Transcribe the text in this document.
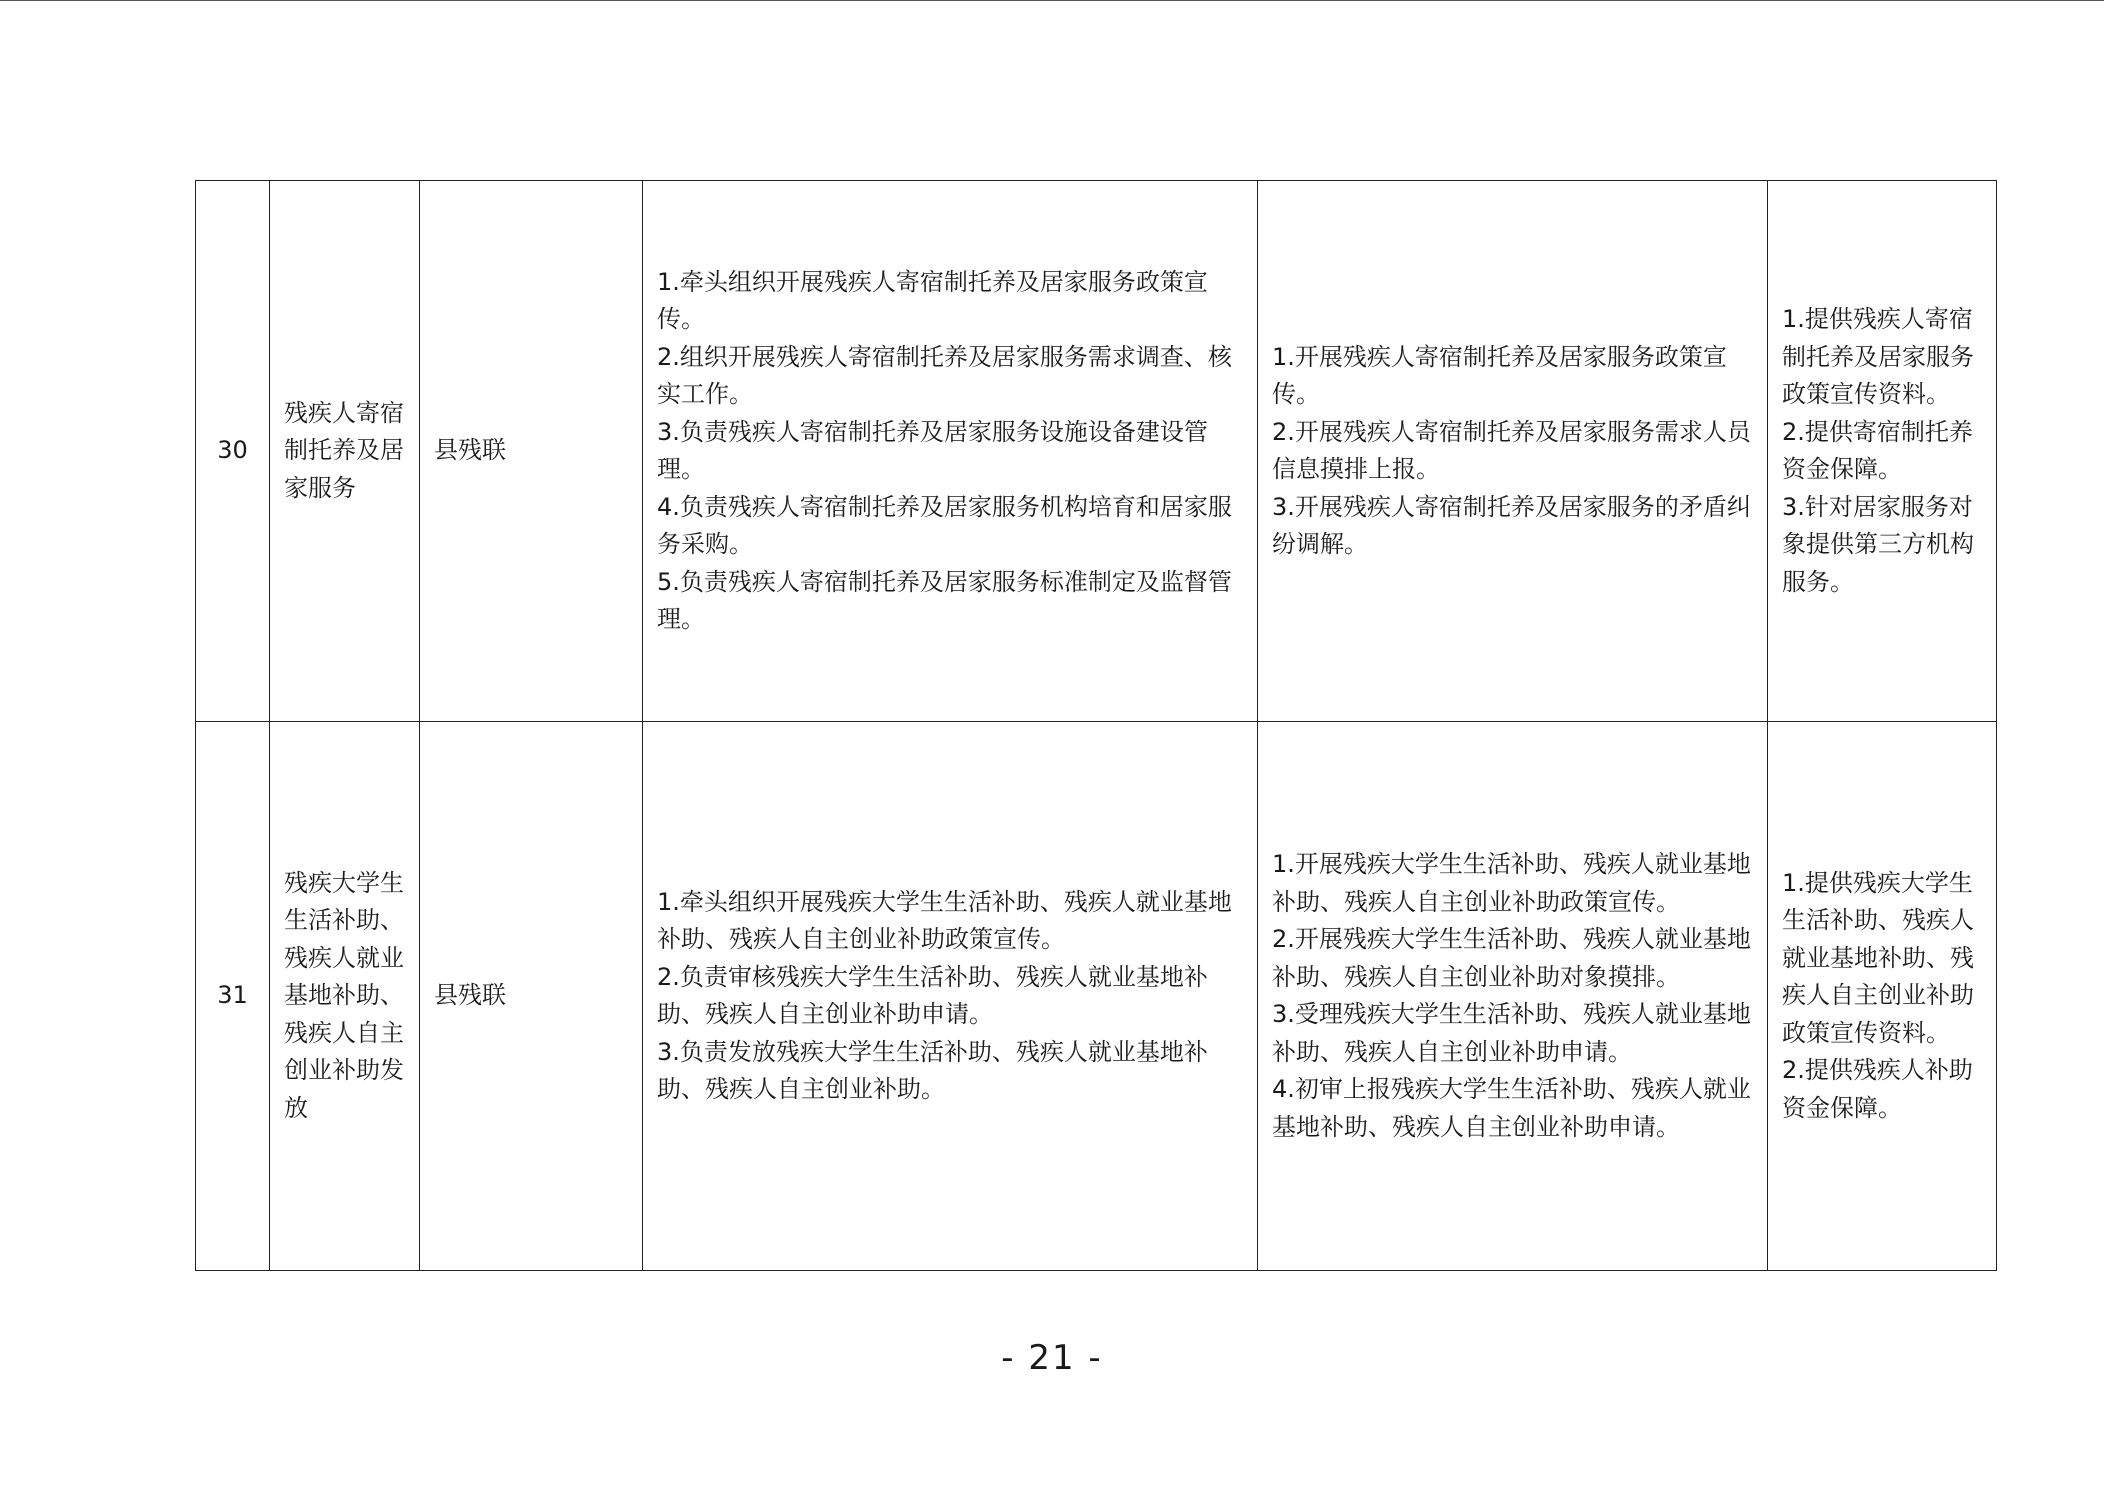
30	残疾人寄宿制托养及居家服务	县残联	1.牵头组织开展残疾人寄宿制托养及居家服务政策宣传。
2.组织开展残疾人寄宿制托养及居家服务需求调查、核实工作。
3.负责残疾人寄宿制托养及居家服务设施设备建设管理。
4.负责残疾人寄宿制托养及居家服务机构培育和居家服务采购。
5.负责残疾人寄宿制托养及居家服务标准制定及监督管理。	1.开展残疾人寄宿制托养及居家服务政策宣传。
2.开展残疾人寄宿制托养及居家服务需求人员信息摸排上报。
3.开展残疾人寄宿制托养及居家服务的矛盾纠纷调解。	1.提供残疾人寄宿制托养及居家服务政策宣传资料。
2.提供寄宿制托养资金保障。
3.针对居家服务对象提供第三方机构服务。

31	残疾大学生生活补助、残疾人就业基地补助、残疾人自主创业补助发放	县残联	1.牵头组织开展残疾大学生生活补助、残疾人就业基地补助、残疾人自主创业补助政策宣传。
2.负责审核残疾大学生生活补助、残疾人就业基地补助、残疾人自主创业补助申请。
3.负责发放残疾大学生生活补助、残疾人就业基地补助、残疾人自主创业补助。	1.开展残疾大学生生活补助、残疾人就业基地补助、残疾人自主创业补助政策宣传。
2.开展残疾大学生生活补助、残疾人就业基地补助、残疾人自主创业补助对象摸排。
3.受理残疾大学生生活补助、残疾人就业基地补助、残疾人自主创业补助申请。
4.初审上报残疾大学生生活补助、残疾人就业基地补助、残疾人自主创业补助申请。	1.提供残疾大学生生活补助、残疾人就业基地补助、残疾人自主创业补助政策宣传资料。
2.提供残疾人补助资金保障。
- 21 -
